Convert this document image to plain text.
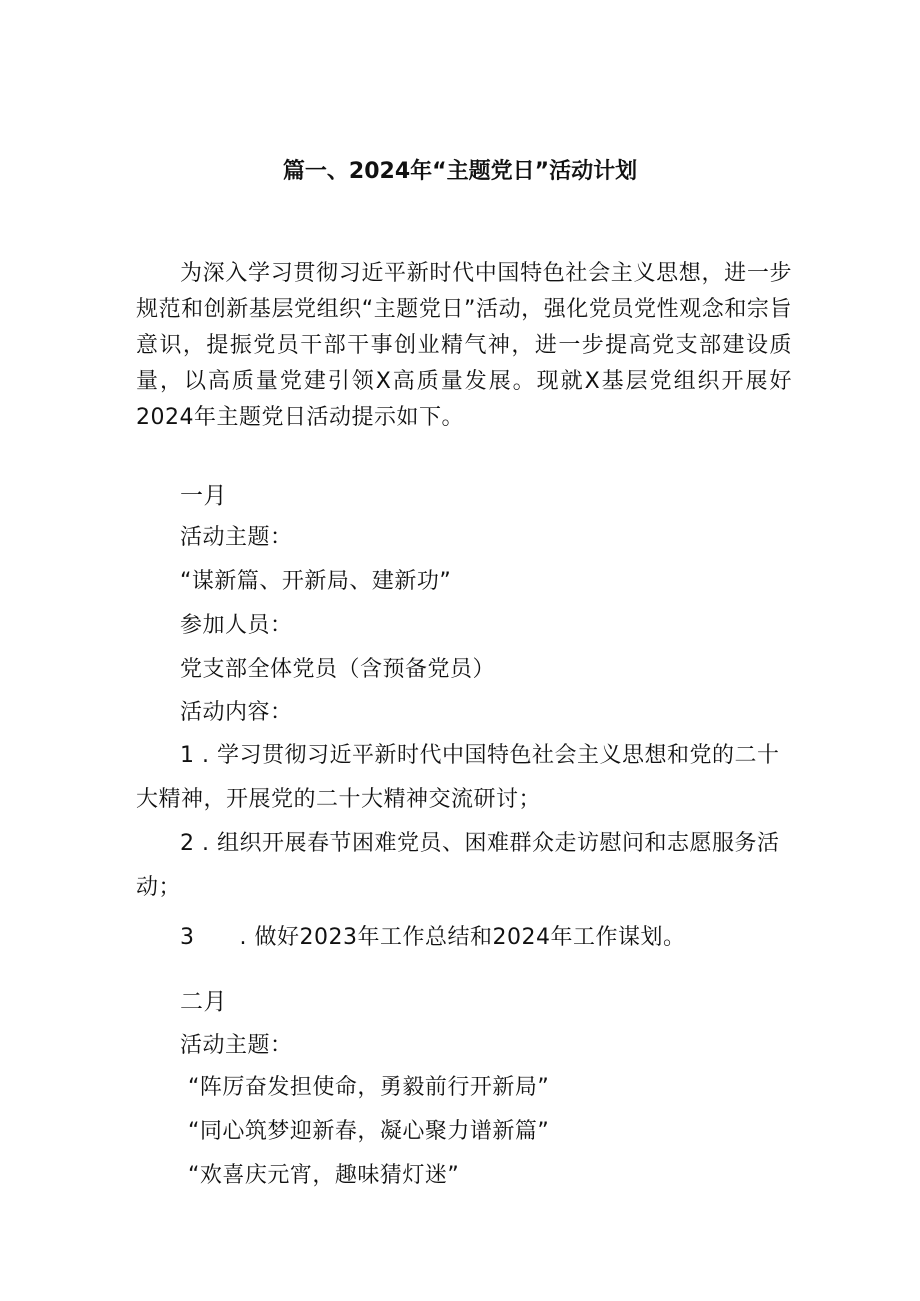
篇一、2024年“主题党日”活动计划
为深入学习贯彻习近平新时代中国特色社会主义思想，进一步规范和创新基层党组织“主题党日”活动，强化党员党性观念和宗旨意识，提振党员干部干事创业精气神，进一步提高党支部建设质量，以高质量党建引领X高质量发展。现就X基层党组织开展好2024年主题党日活动提示如下。
一月
活动主题：
“谋新篇、开新局、建新功”
参加人员：
党支部全体党员（含预备党员）
活动内容：
1 . 学习贯彻习近平新时代中国特色社会主义思想和党的二十大精神，开展党的二十大精神交流研讨；
2 . 组织开展春节困难党员、困难群众走访慰问和志愿服务活动；
3　　. 做好2023年工作总结和2024年工作谋划。
二月
活动主题：
“阵厉奋发担使命，勇毅前行开新局”
“同心筑梦迎新春，凝心聚力谱新篇”
“欢喜庆元宵，趣味猜灯迷”
